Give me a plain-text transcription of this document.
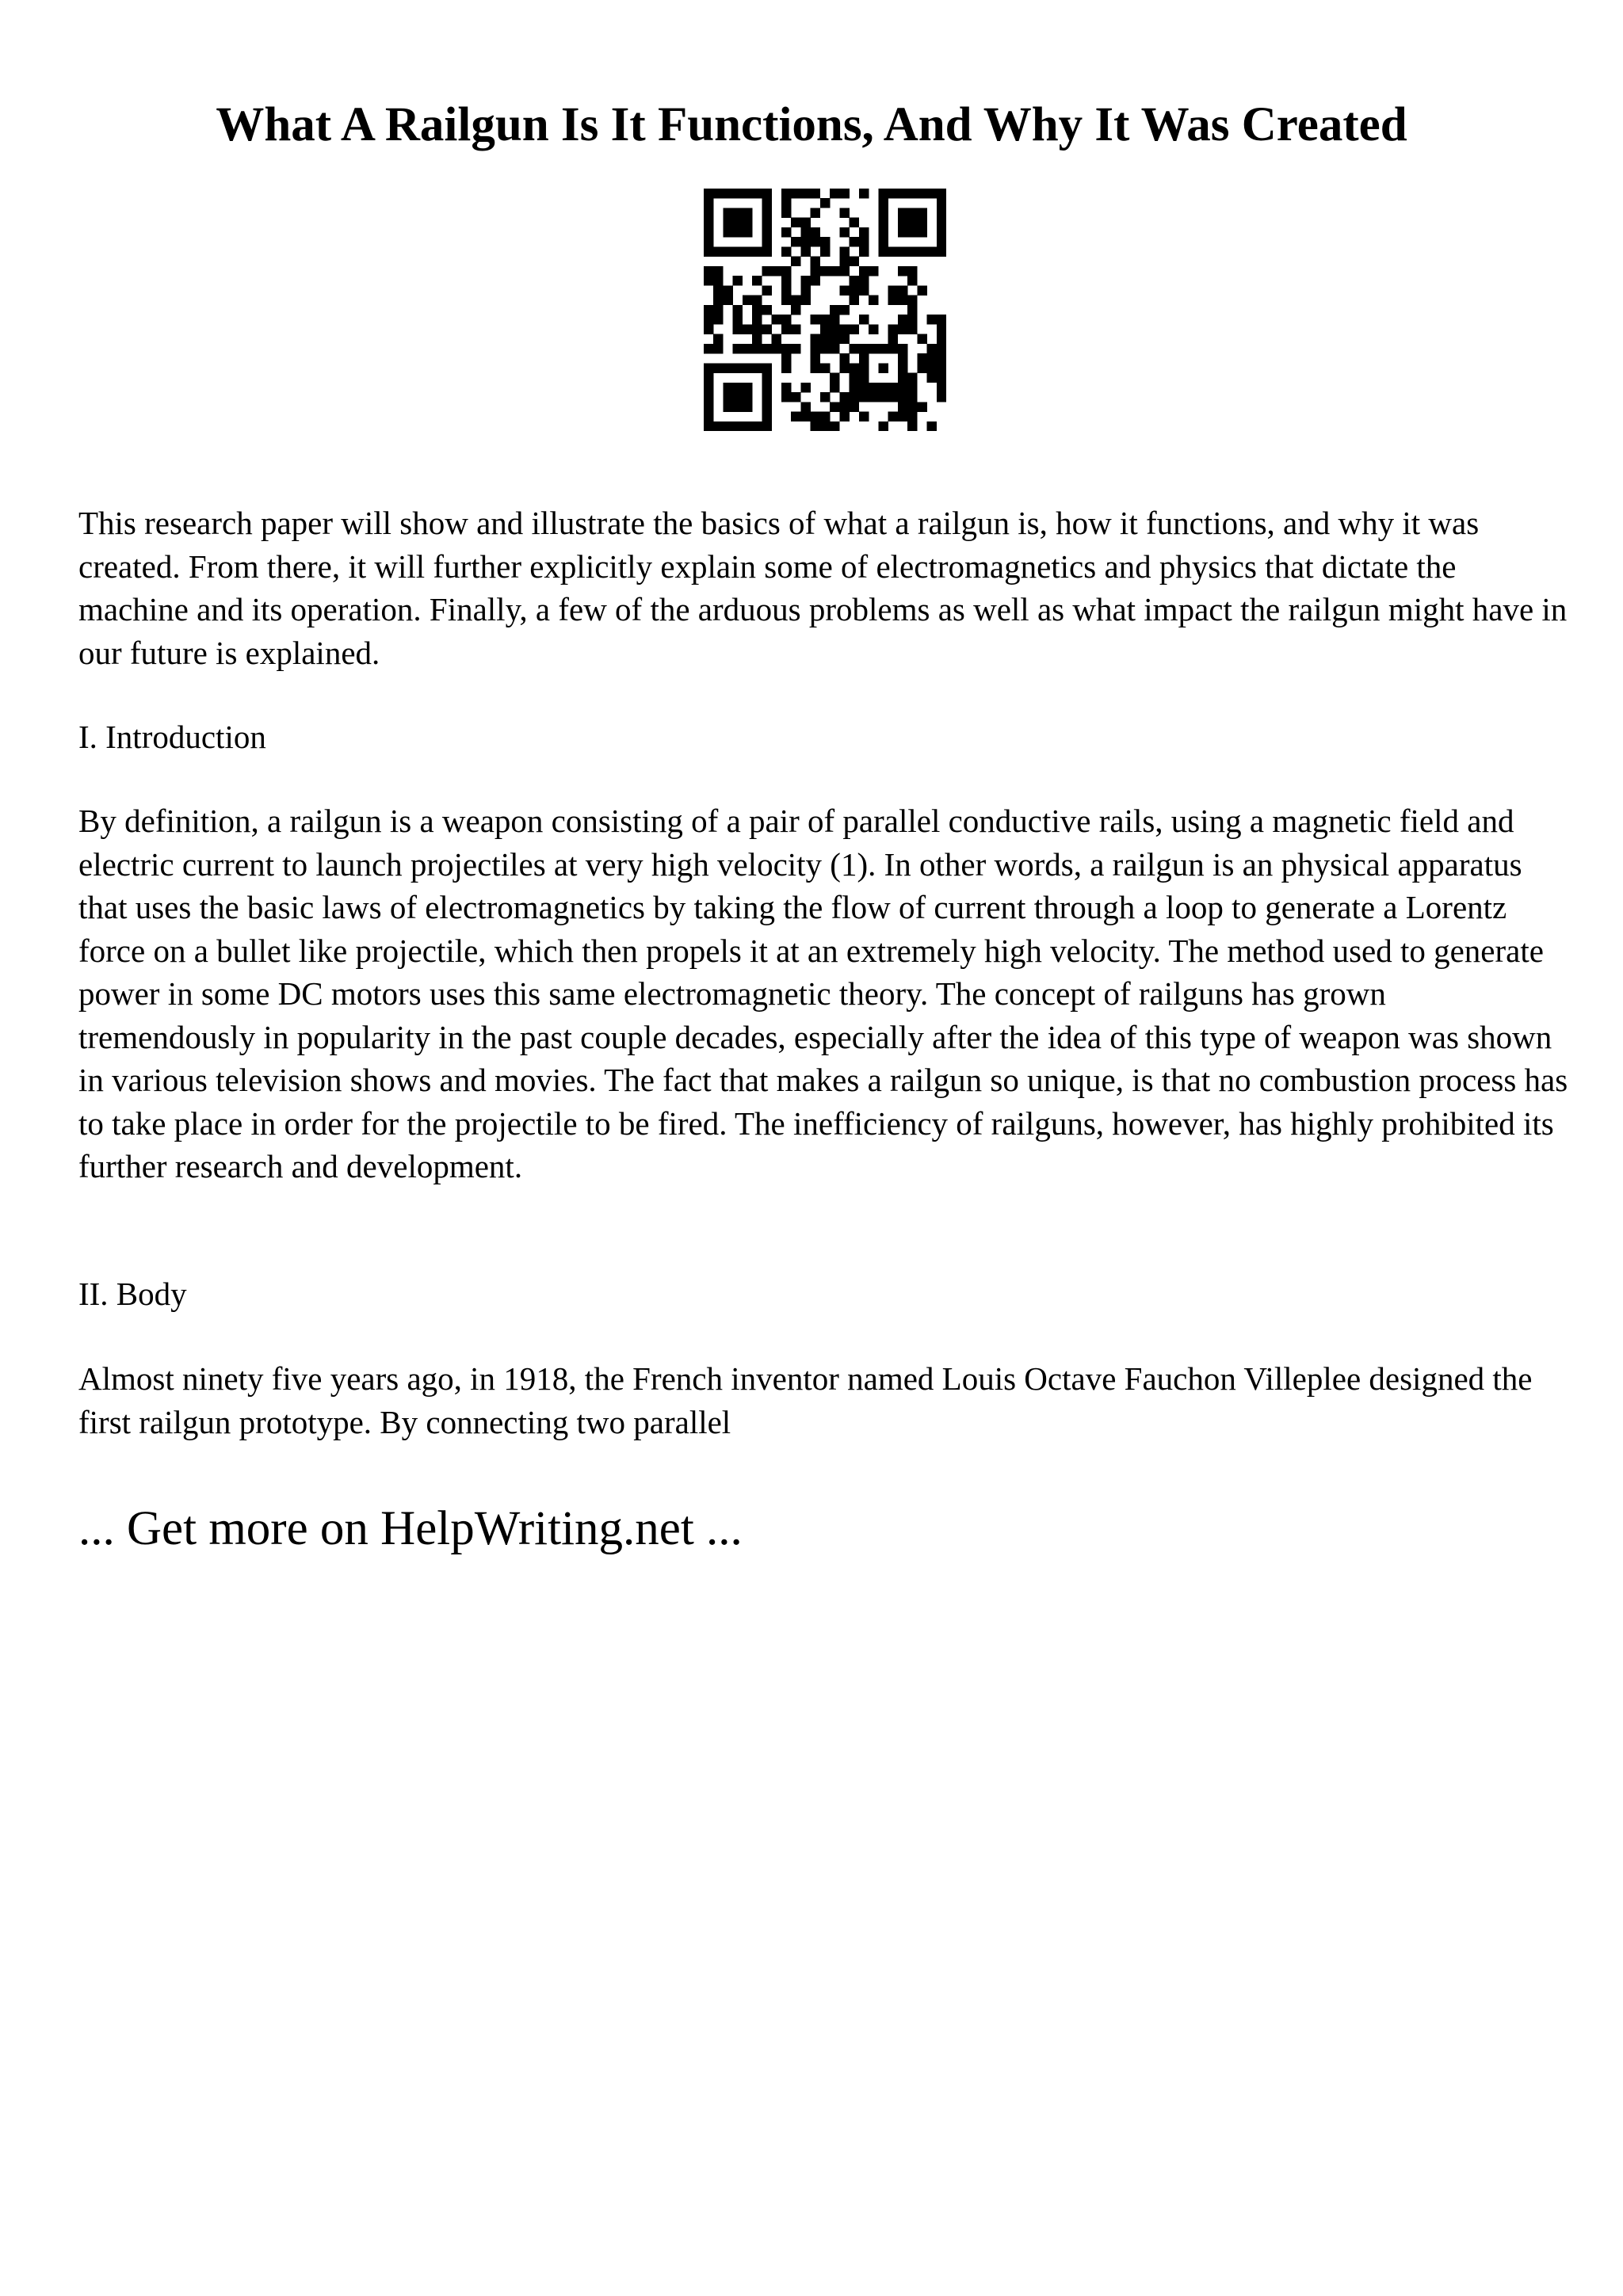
What A Railgun Is It Functions, And Why It Was Created

This research paper will show and illustrate the basics of what a railgun is, how it functions, and why it was created. From there, it will further explicitly explain some of electromagnetics and physics that dictate the machine and its operation. Finally, a few of the arduous problems as well as what impact the railgun might have in our future is explained.

I. Introduction

By definition, a railgun is a weapon consisting of a pair of parallel conductive rails, using a magnetic field and electric current to launch projectiles at very high velocity (1). In other words, a railgun is an physical apparatus that uses the basic laws of electromagnetics by taking the flow of current through a loop to generate a Lorentz force on a bullet like projectile, which then propels it at an extremely high velocity. The method used to generate power in some DC motors uses this same electromagnetic theory. The concept of railguns has grown tremendously in popularity in the past couple decades, especially after the idea of this type of weapon was shown in various television shows and movies. The fact that makes a railgun so unique, is that no combustion process has to take place in order for the projectile to be fired. The inefficiency of railguns, however, has highly prohibited its further research and development.

II. Body

Almost ninety five years ago, in 1918, the French inventor named Louis Octave Fauchon Villeplee designed the first railgun prototype. By connecting two parallel

... Get more on HelpWriting.net ...
